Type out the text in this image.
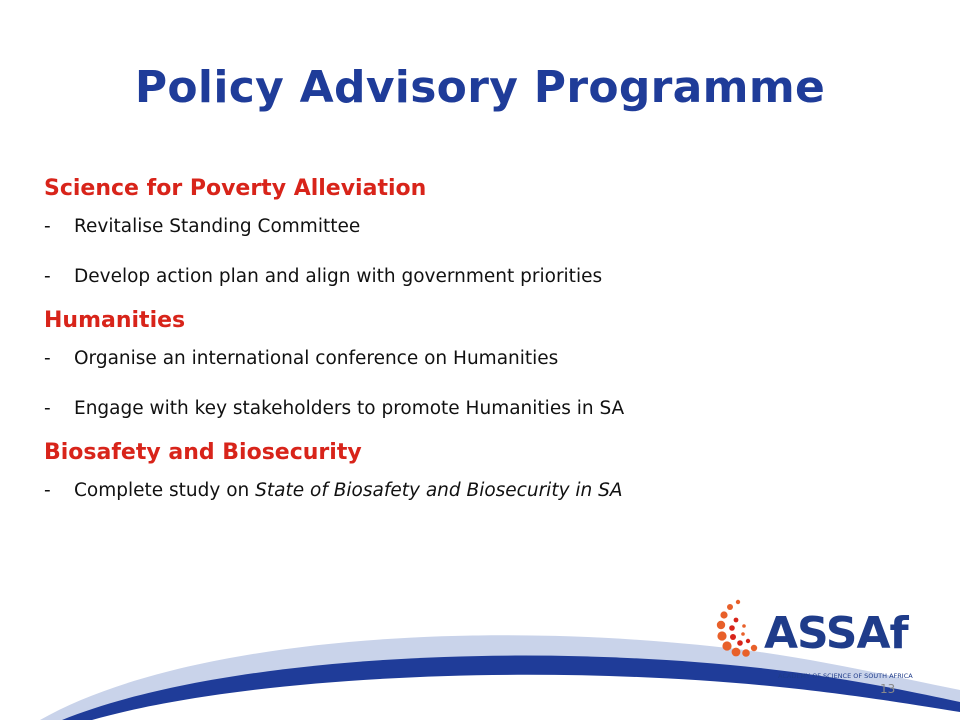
Policy Advisory Programme
Science for Poverty Alleviation
- Revitalise Standing Committee
- Develop action plan and align with government priorities
Humanities
- Organise an international conference on Humanities
- Engage with key stakeholders to promote Humanities in SA
Biosafety and Biosecurity
- Complete study on State of Biosafety and Biosecurity in SA
ASSAf
ACADEMY OF SCIENCE OF SOUTH AFRICA
13
